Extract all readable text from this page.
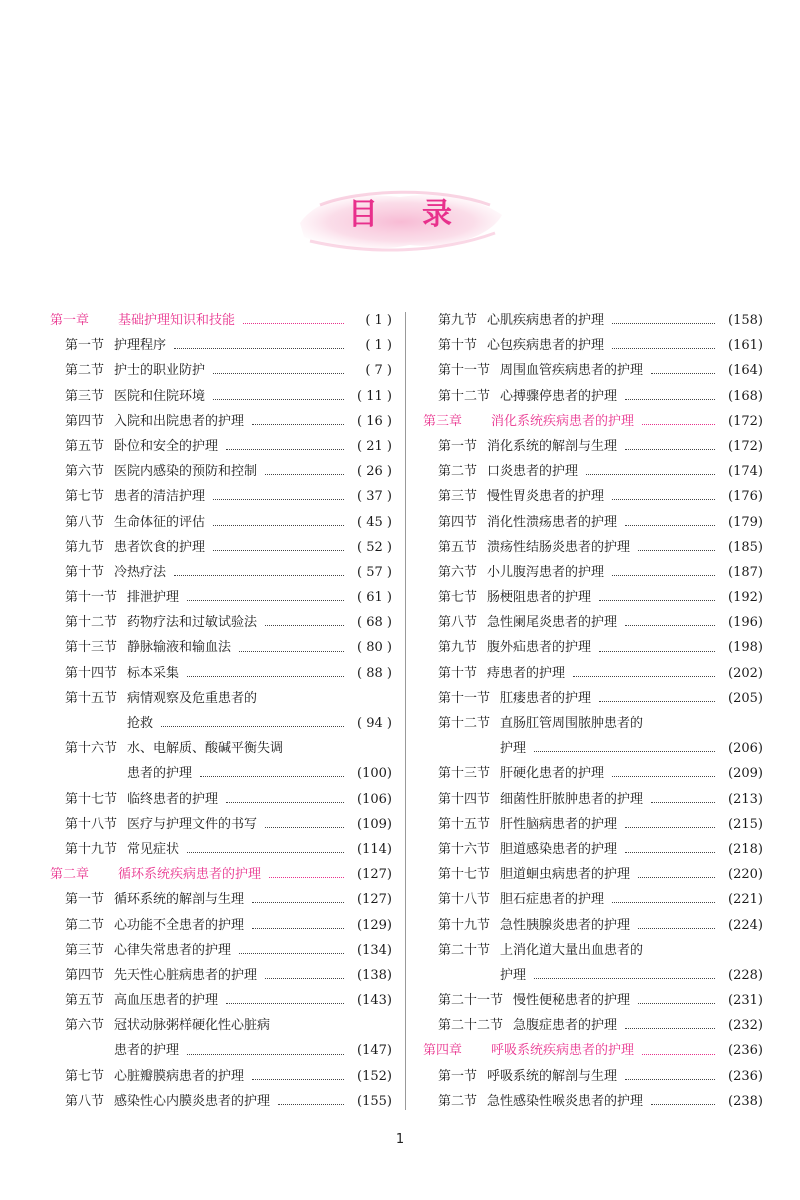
目录
第一章	基础护理知识和技能	( 1 )
第一节 护理程序	( 1 )
第二节 护士的职业防护	( 7 )
第三节 医院和住院环境	( 11 )
第四节 入院和出院患者的护理	( 16 )
第五节 卧位和安全的护理	( 21 )
第六节 医院内感染的预防和控制	( 26 )
第七节 患者的清洁护理	( 37 )
第八节 生命体征的评估	( 45 )
第九节 患者饮食的护理	( 52 )
第十节 冷热疗法	( 57 )
第十一节 排泄护理	( 61 )
第十二节 药物疗法和过敏试验法	( 68 )
第十三节 静脉输液和输血法	( 80 )
第十四节 标本采集	( 88 )
第十五节 病情观察及危重患者的
抢救	( 94 )
第十六节 水、电解质、酸碱平衡失调
患者的护理	(100)
第十七节 临终患者的护理	(106)
第十八节 医疗与护理文件的书写	(109)
第十九节 常见症状	(114)
第二章	循环系统疾病患者的护理	(127)
第一节 循环系统的解剖与生理	(127)
第二节 心功能不全患者的护理	(129)
第三节 心律失常患者的护理	(134)
第四节 先天性心脏病患者的护理	(138)
第五节 高血压患者的护理	(143)
第六节 冠状动脉粥样硬化性心脏病
患者的护理	(147)
第七节 心脏瓣膜病患者的护理	(152)
第八节 感染性心内膜炎患者的护理	(155)
第九节 心肌疾病患者的护理	(158)
第十节 心包疾病患者的护理	(161)
第十一节 周围血管疾病患者的护理	(164)
第十二节 心搏骤停患者的护理	(168)
第三章	消化系统疾病患者的护理	(172)
第一节 消化系统的解剖与生理	(172)
第二节 口炎患者的护理	(174)
第三节 慢性胃炎患者的护理	(176)
第四节 消化性溃疡患者的护理	(179)
第五节 溃疡性结肠炎患者的护理	(185)
第六节 小儿腹泻患者的护理	(187)
第七节 肠梗阻患者的护理	(192)
第八节 急性阑尾炎患者的护理	(196)
第九节 腹外疝患者的护理	(198)
第十节 痔患者的护理	(202)
第十一节 肛瘘患者的护理	(205)
第十二节 直肠肛管周围脓肿患者的
护理	(206)
第十三节 肝硬化患者的护理	(209)
第十四节 细菌性肝脓肿患者的护理	(213)
第十五节 肝性脑病患者的护理	(215)
第十六节 胆道感染患者的护理	(218)
第十七节 胆道蛔虫病患者的护理	(220)
第十八节 胆石症患者的护理	(221)
第十九节 急性胰腺炎患者的护理	(224)
第二十节 上消化道大量出血患者的
护理	(228)
第二十一节 慢性便秘患者的护理	(231)
第二十二节 急腹症患者的护理	(232)
第四章	呼吸系统疾病患者的护理	(236)
第一节 呼吸系统的解剖与生理	(236)
第二节 急性感染性喉炎患者的护理	(238)
1
